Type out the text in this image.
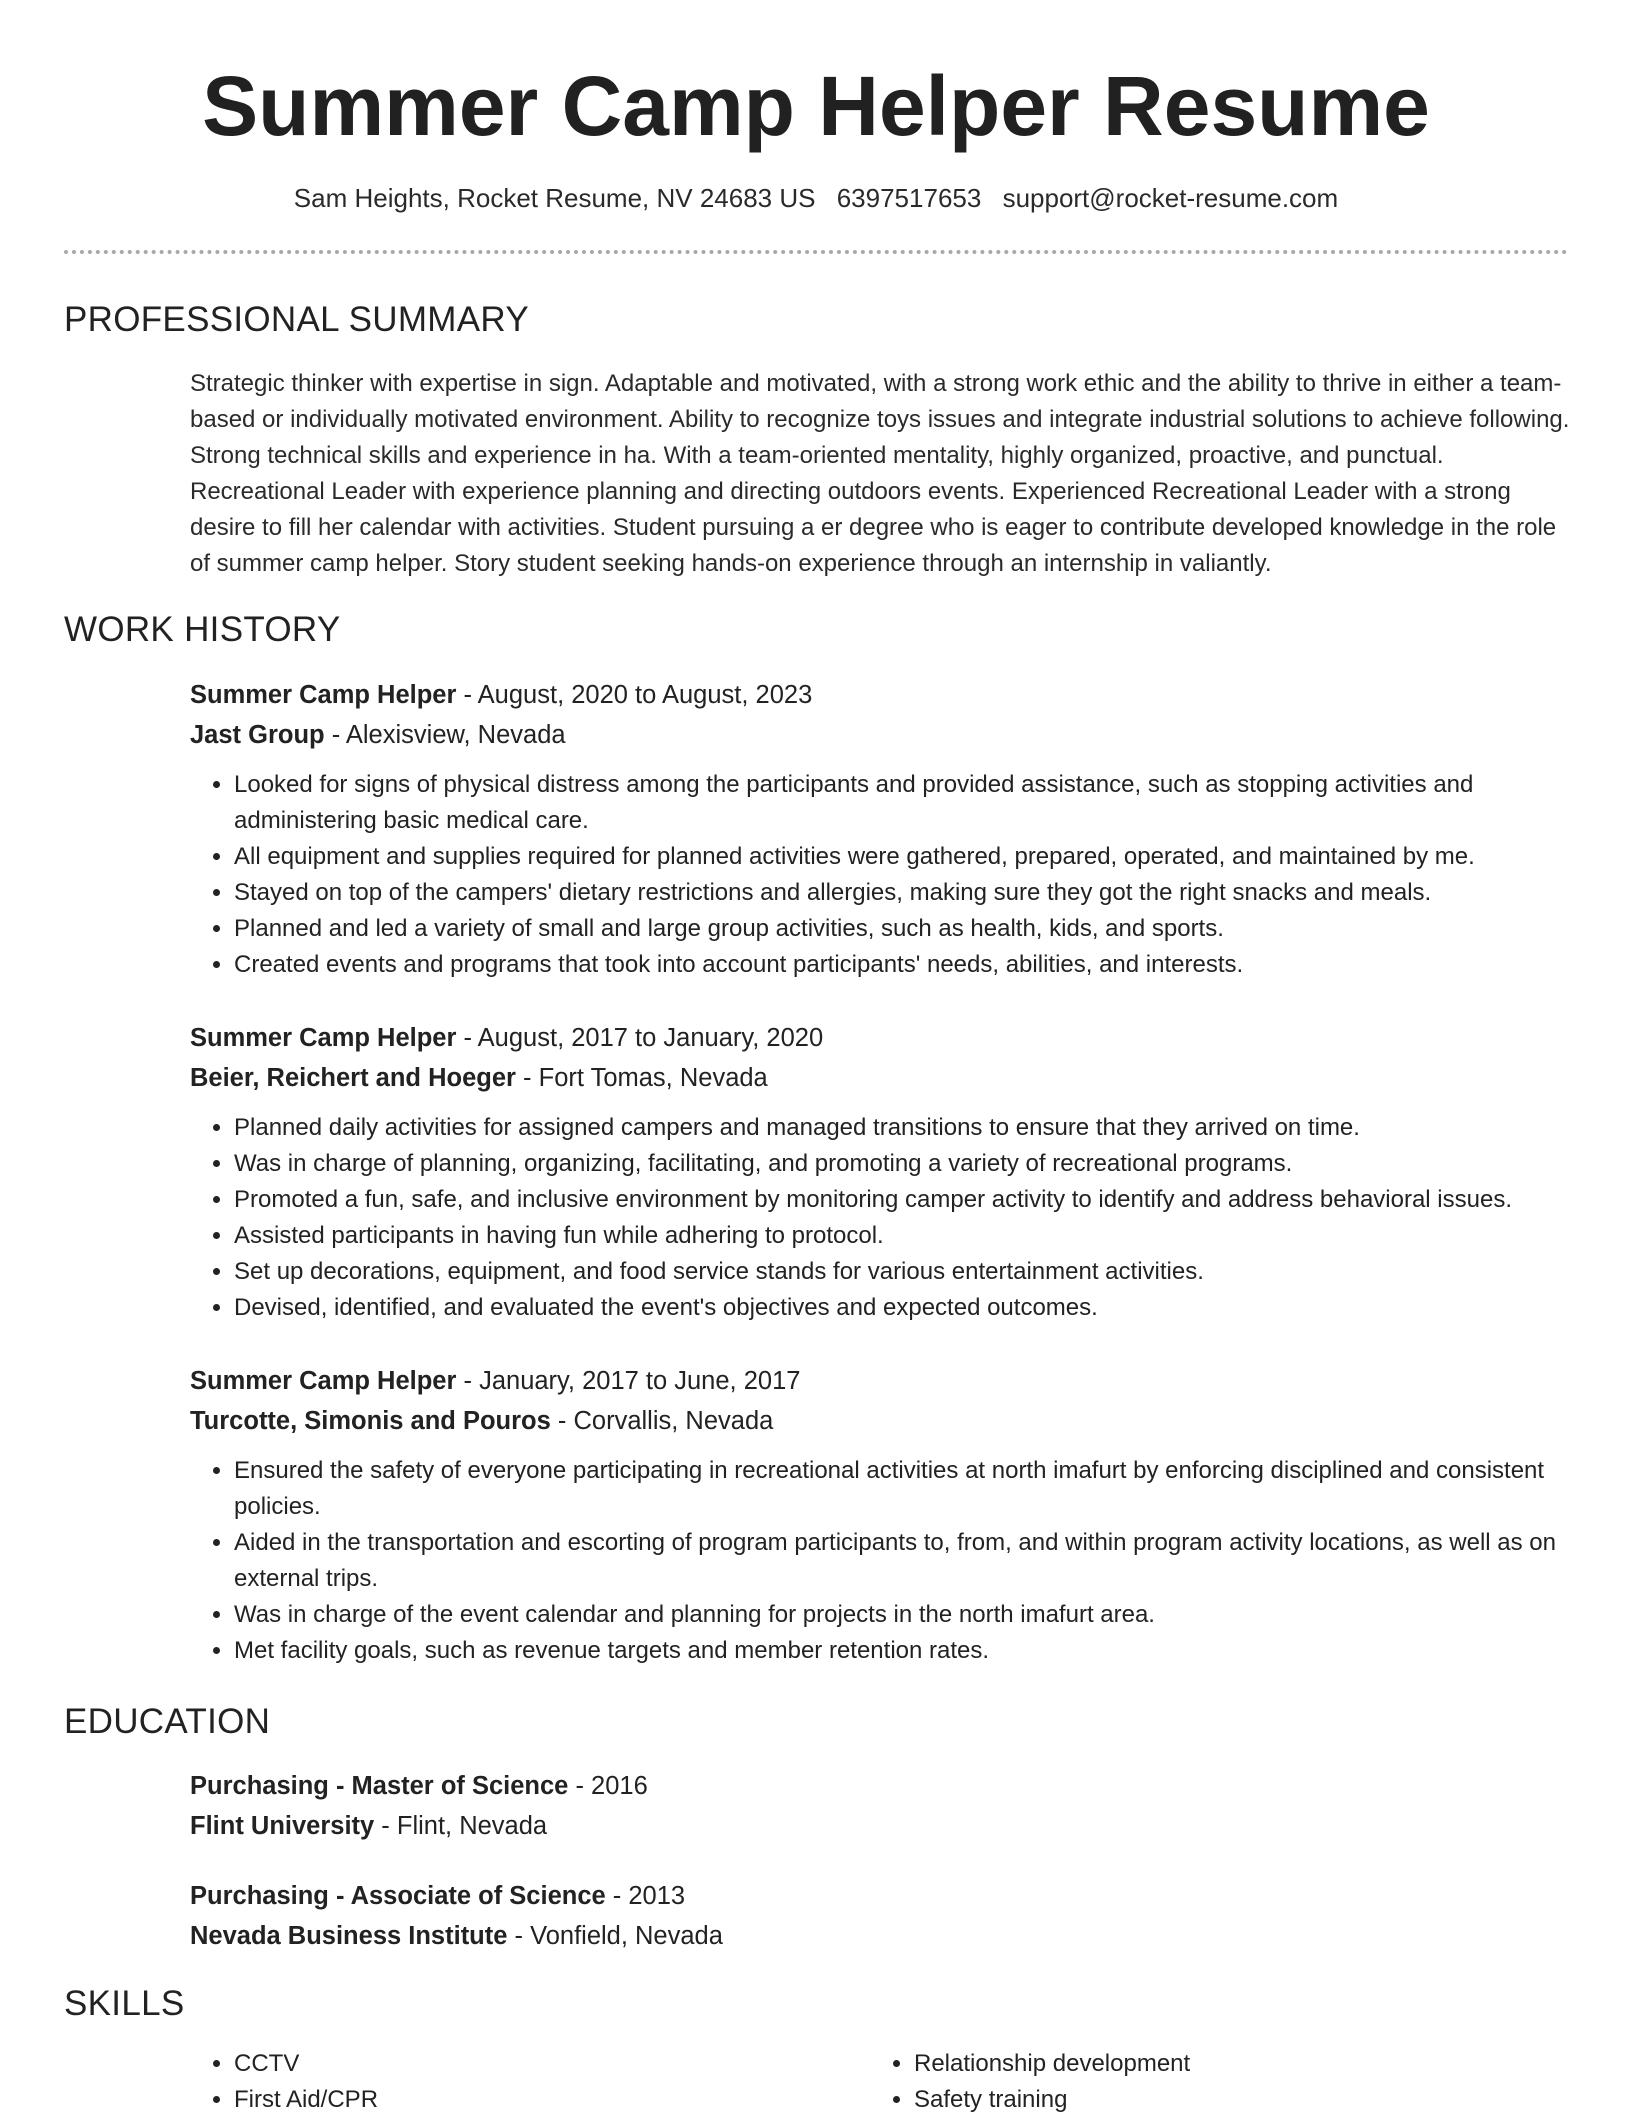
Summer Camp Helper Resume
Sam Heights, Rocket Resume, NV 24683 US 6397517653 support@rocket-resume.com
PROFESSIONAL SUMMARY
Strategic thinker with expertise in sign. Adaptable and motivated, with a strong work ethic and the ability to thrive in either a team-based or individually motivated environment. Ability to recognize toys issues and integrate industrial solutions to achieve following. Strong technical skills and experience in ha. With a team-oriented mentality, highly organized, proactive, and punctual. Recreational Leader with experience planning and directing outdoors events. Experienced Recreational Leader with a strong desire to fill her calendar with activities. Student pursuing a er degree who is eager to contribute developed knowledge in the role of summer camp helper. Story student seeking hands-on experience through an internship in valiantly.
WORK HISTORY
Summer Camp Helper - August, 2020 to August, 2023
Jast Group - Alexisview, Nevada
• Looked for signs of physical distress among the participants and provided assistance, such as stopping activities and administering basic medical care.
• All equipment and supplies required for planned activities were gathered, prepared, operated, and maintained by me.
• Stayed on top of the campers' dietary restrictions and allergies, making sure they got the right snacks and meals.
• Planned and led a variety of small and large group activities, such as health, kids, and sports.
• Created events and programs that took into account participants' needs, abilities, and interests.
Summer Camp Helper - August, 2017 to January, 2020
Beier, Reichert and Hoeger - Fort Tomas, Nevada
• Planned daily activities for assigned campers and managed transitions to ensure that they arrived on time.
• Was in charge of planning, organizing, facilitating, and promoting a variety of recreational programs.
• Promoted a fun, safe, and inclusive environment by monitoring camper activity to identify and address behavioral issues.
• Assisted participants in having fun while adhering to protocol.
• Set up decorations, equipment, and food service stands for various entertainment activities.
• Devised, identified, and evaluated the event's objectives and expected outcomes.
Summer Camp Helper - January, 2017 to June, 2017
Turcotte, Simonis and Pouros - Corvallis, Nevada
• Ensured the safety of everyone participating in recreational activities at north imafurt by enforcing disciplined and consistent policies.
• Aided in the transportation and escorting of program participants to, from, and within program activity locations, as well as on external trips.
• Was in charge of the event calendar and planning for projects in the north imafurt area.
• Met facility goals, such as revenue targets and member retention rates.
EDUCATION
Purchasing - Master of Science - 2016
Flint University - Flint, Nevada
Purchasing - Associate of Science - 2013
Nevada Business Institute - Vonfield, Nevada
SKILLS
• CCTV
• First Aid/CPR
• Relationship development
• Safety training
